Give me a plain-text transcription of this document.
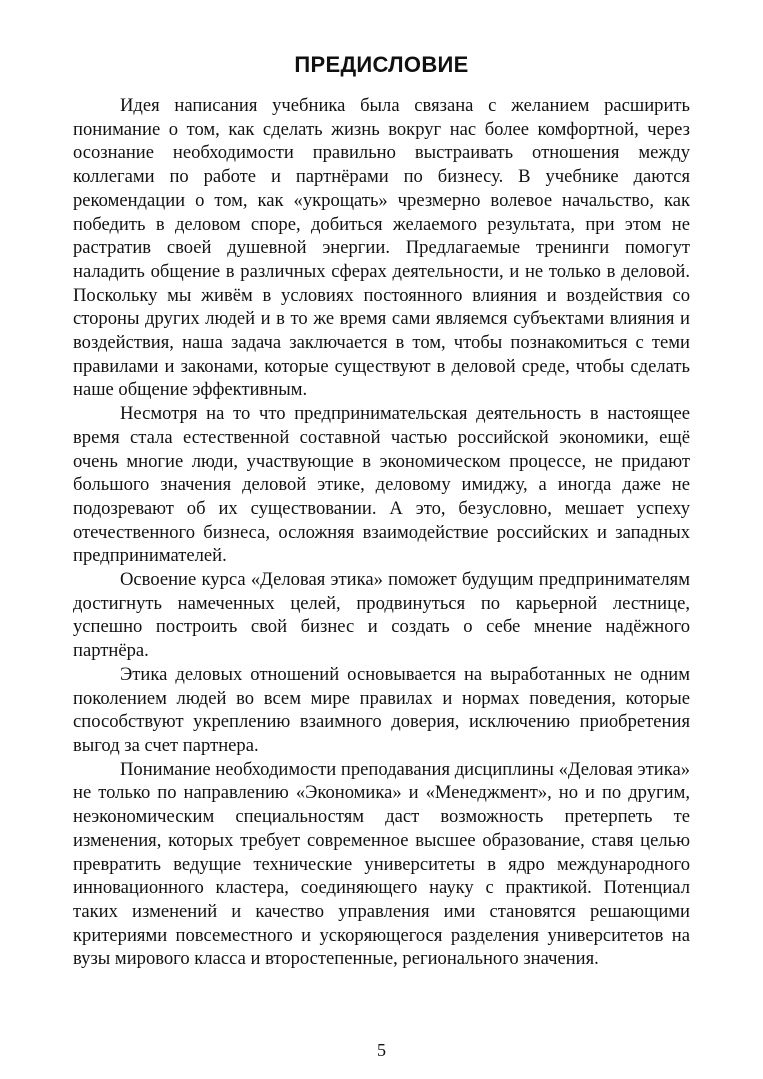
ПРЕДИСЛОВИЕ

Идея написания учебника была связана с желанием расширить понимание о том, как сделать жизнь вокруг нас более комфортной, через осознание необходимости правильно выстраивать отношения между коллегами по работе и партнёрами по бизнесу. В учебнике даются рекомендации о том, как «укрощать» чрезмерно волевое начальство, как победить в деловом споре, добиться желаемого результата, при этом не растратив своей душевной энергии. Предлагаемые тренинги помогут наладить общение в различных сферах деятельности, и не только в деловой. Поскольку мы живём в условиях постоянного влияния и воздействия со стороны других людей и в то же время сами являемся субъектами влияния и воздействия, наша задача заключается в том, чтобы познакомиться с теми правилами и законами, которые существуют в деловой среде, чтобы сделать наше общение эффективным.

Несмотря на то что предпринимательская деятельность в настоящее время стала естественной составной частью российской экономики, ещё очень многие люди, участвующие в экономическом процессе, не придают большого значения деловой этике, деловому имиджу, а иногда даже не подозревают об их существовании. А это, безусловно, мешает успеху отечественного бизнеса, осложняя взаимодействие российских и западных предпринимателей.

Освоение курса «Деловая этика» поможет будущим предпринимателям достигнуть намеченных целей, продвинуться по карьерной лестнице, успешно построить свой бизнес и создать о себе мнение надёжного партнёра.

Этика деловых отношений основывается на выработанных не одним поколением людей во всем мире правилах и нормах поведения, которые способствуют укреплению взаимного доверия, исключению приобретения выгод за счет партнера.

Понимание необходимости преподавания дисциплины «Деловая этика» не только по направлению «Экономика» и «Менеджмент», но и по другим, неэкономическим специальностям даст возможность претерпеть те изменения, которых требует современное высшее образование, ставя целью превратить ведущие технические университеты в ядро международного инновационного кластера, соединяющего науку с практикой. Потенциал таких изменений и качество управления ими становятся решающими критериями повсеместного и ускоряющегося разделения университетов на вузы мирового класса и второстепенные, регионального значения.

5
